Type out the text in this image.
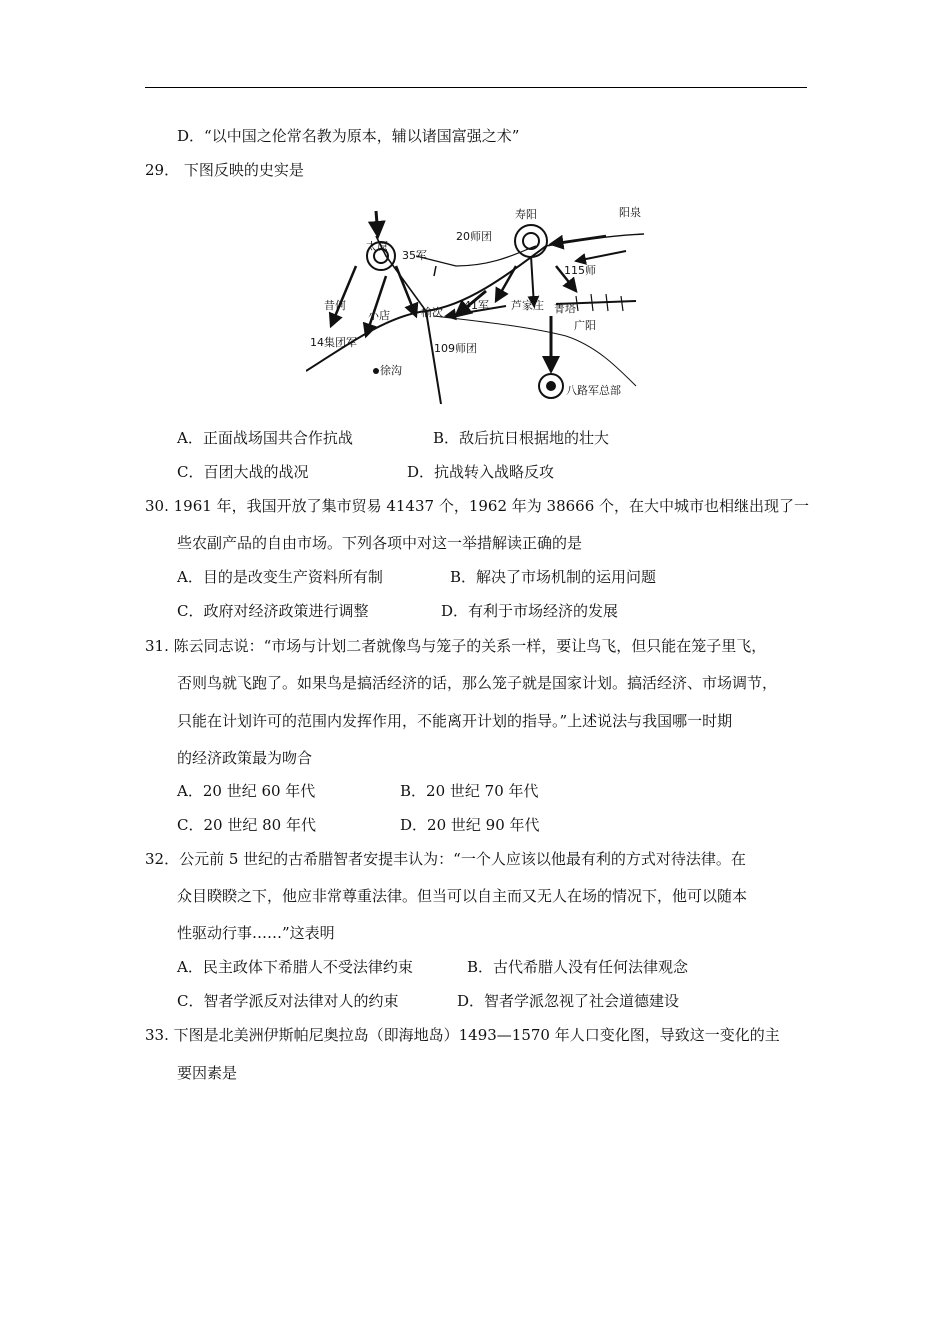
D．“以中国之伦常名教为原本，辅以诸国富强之术”
29． 下图反映的史实是
太原
35军
20师团
寿阳	阳泉
115师
昔何
小店	榆次
41军 芦家庄 菁塔
广阳
14集团军	109师团
徐沟
八路军总部
A．正面战场国共合作抗战	B．敌后抗日根据地的壮大
C．百团大战的战况	D．抗战转入战略反攻
30. 1961 年，我国开放了集市贸易 41437 个，1962 年为 38666 个，在大中城市也相继出现了一
些农副产品的自由市场。下列各项中对这一举措解读正确的是
A．目的是改变生产资料所有制	B．解决了市场机制的运用问题
C．政府对经济政策进行调整	D．有利于市场经济的发展
31. 陈云同志说：“市场与计划二者就像鸟与笼子的关系一样，要让鸟飞，但只能在笼子里飞，
否则鸟就飞跑了。如果鸟是搞活经济的话，那么笼子就是国家计划。搞活经济、市场调节，
只能在计划许可的范围内发挥作用，不能离开计划的指导。”上述说法与我国哪一时期
的经济政策最为吻合
A．20 世纪 60 年代	B．20 世纪 70 年代
C．20 世纪 80 年代	D．20 世纪 90 年代
32．公元前 5 世纪的古希腊智者安提丰认为：“一个人应该以他最有利的方式对待法律。在
众目睽睽之下，他应非常尊重法律。但当可以自主而又无人在场的情况下，他可以随本
性驱动行事……”这表明
A．民主政体下希腊人不受法律约束	B．古代希腊人没有任何法律观念
C．智者学派反对法律对人的约束	D．智者学派忽视了社会道德建设
33. 下图是北美洲伊斯帕尼奥拉岛（即海地岛）1493—1570 年人口变化图，导致这一变化的主
要因素是
